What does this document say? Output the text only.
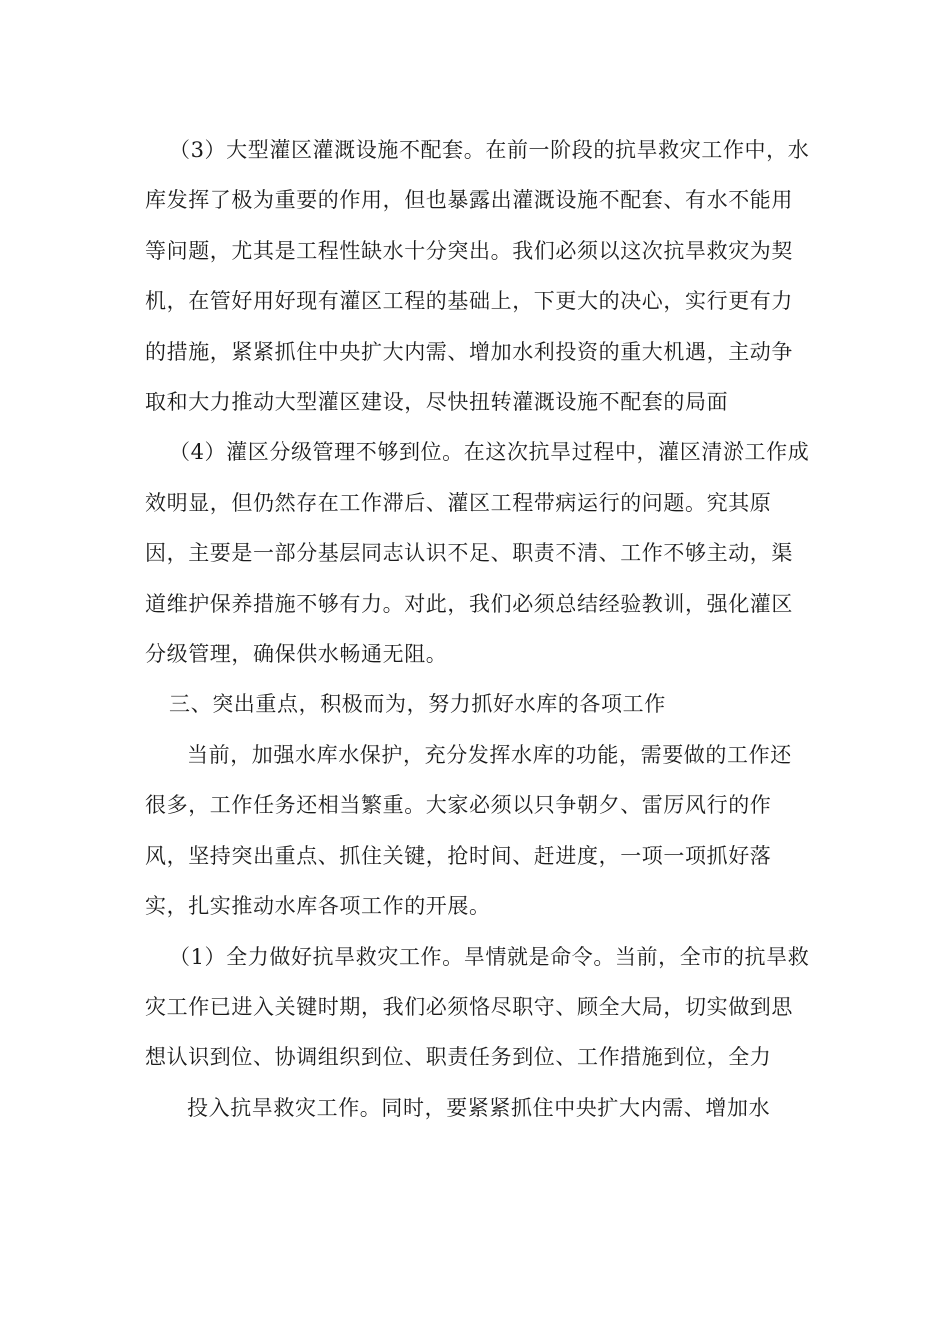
（3）大型灌区灌溉设施不配套。在前一阶段的抗旱救灾工作中，水库发挥了极为重要的作用，但也暴露出灌溉设施不配套、有水不能用等问题，尤其是工程性缺水十分突出。我们必须以这次抗旱救灾为契机，在管好用好现有灌区工程的基础上，下更大的决心，实行更有力的措施，紧紧抓住中央扩大内需、增加水利投资的重大机遇，主动争取和大力推动大型灌区建设，尽快扭转灌溉设施不配套的局面

（4）灌区分级管理不够到位。在这次抗旱过程中，灌区清淤工作成效明显，但仍然存在工作滞后、灌区工程带病运行的问题。究其原因，主要是一部分基层同志认识不足、职责不清、工作不够主动，渠道维护保养措施不够有力。对此，我们必须总结经验教训，强化灌区分级管理，确保供水畅通无阻。

三、突出重点，积极而为，努力抓好水库的各项工作

当前，加强水库水保护，充分发挥水库的功能，需要做的工作还很多，工作任务还相当繁重。大家必须以只争朝夕、雷厉风行的作风，坚持突出重点、抓住关键，抢时间、赶进度，一项一项抓好落实，扎实推动水库各项工作的开展。

（1）全力做好抗旱救灾工作。旱情就是命令。当前，全市的抗旱救灾工作已进入关键时期，我们必须恪尽职守、顾全大局，切实做到思想认识到位、协调组织到位、职责任务到位、工作措施到位，全力

投入抗旱救灾工作。同时，要紧紧抓住中央扩大内需、增加水
